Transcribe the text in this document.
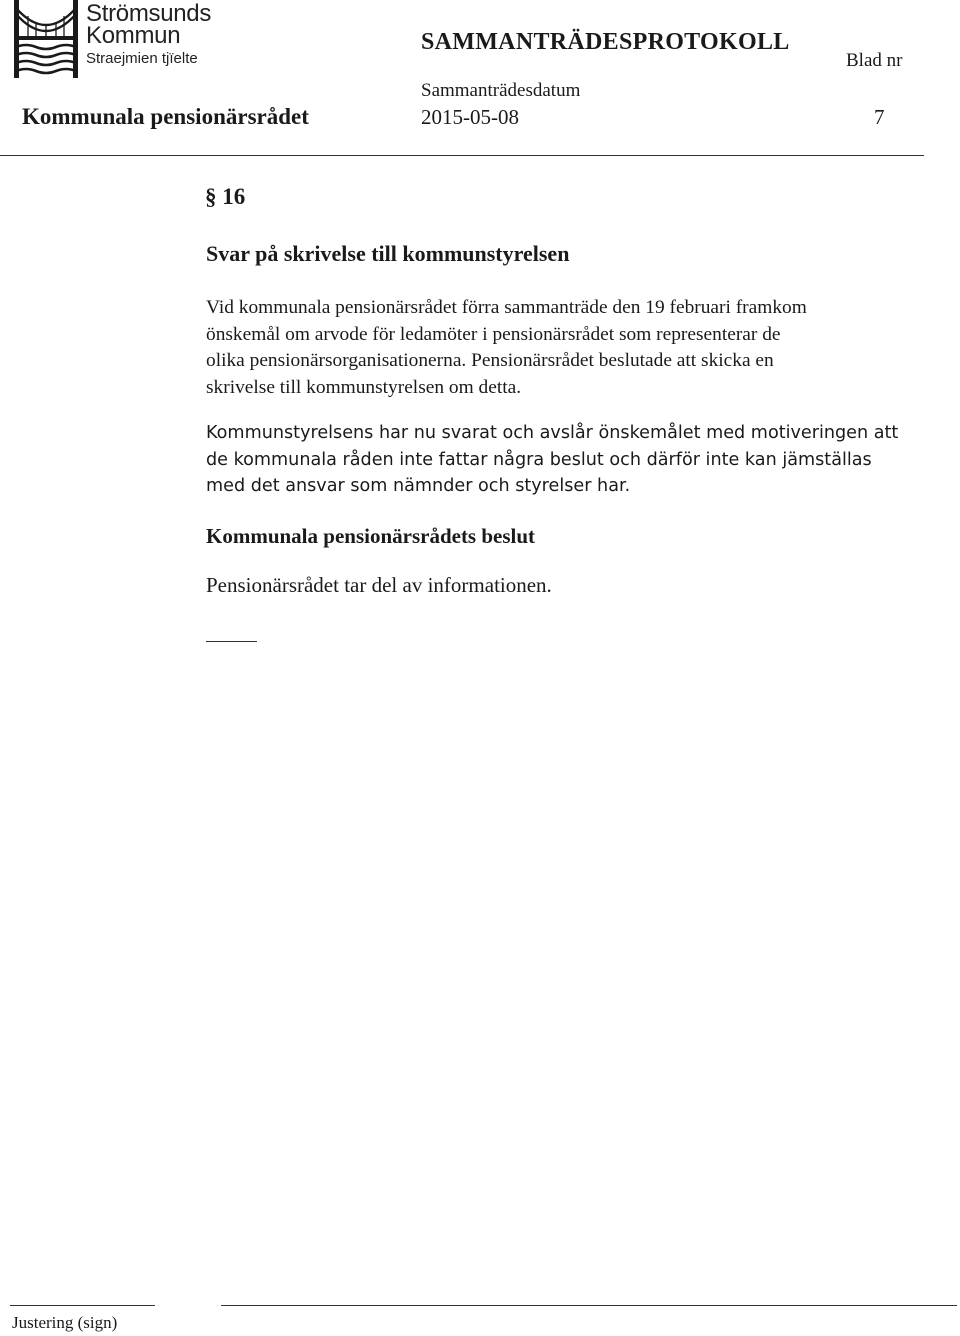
Strömsunds
Kommun
Straejmien tjïelte
SAMMANTRÄDESPROTOKOLL
Blad nr
Sammanträdesdatum
Kommunala pensionärsrådet	2015-05-08	7
§ 16
Svar på skrivelse till kommunstyrelsen

Vid kommunala pensionärsrådet förra sammanträde den 19 februari framkom
önskemål om arvode för ledamöter i pensionärsrådet som representerar de
olika pensionärsorganisationerna. Pensionärsrådet beslutade att skicka en
skrivelse till kommunstyrelsen om detta.

Kommunstyrelsens har nu svarat och avslår önskemålet med motiveringen att
de kommunala råden inte fattar några beslut och därför inte kan jämställas
med det ansvar som nämnder och styrelser har.

Kommunala pensionärsrådets beslut
Pensionärsrådet tar del av informationen.
Justering (sign)
